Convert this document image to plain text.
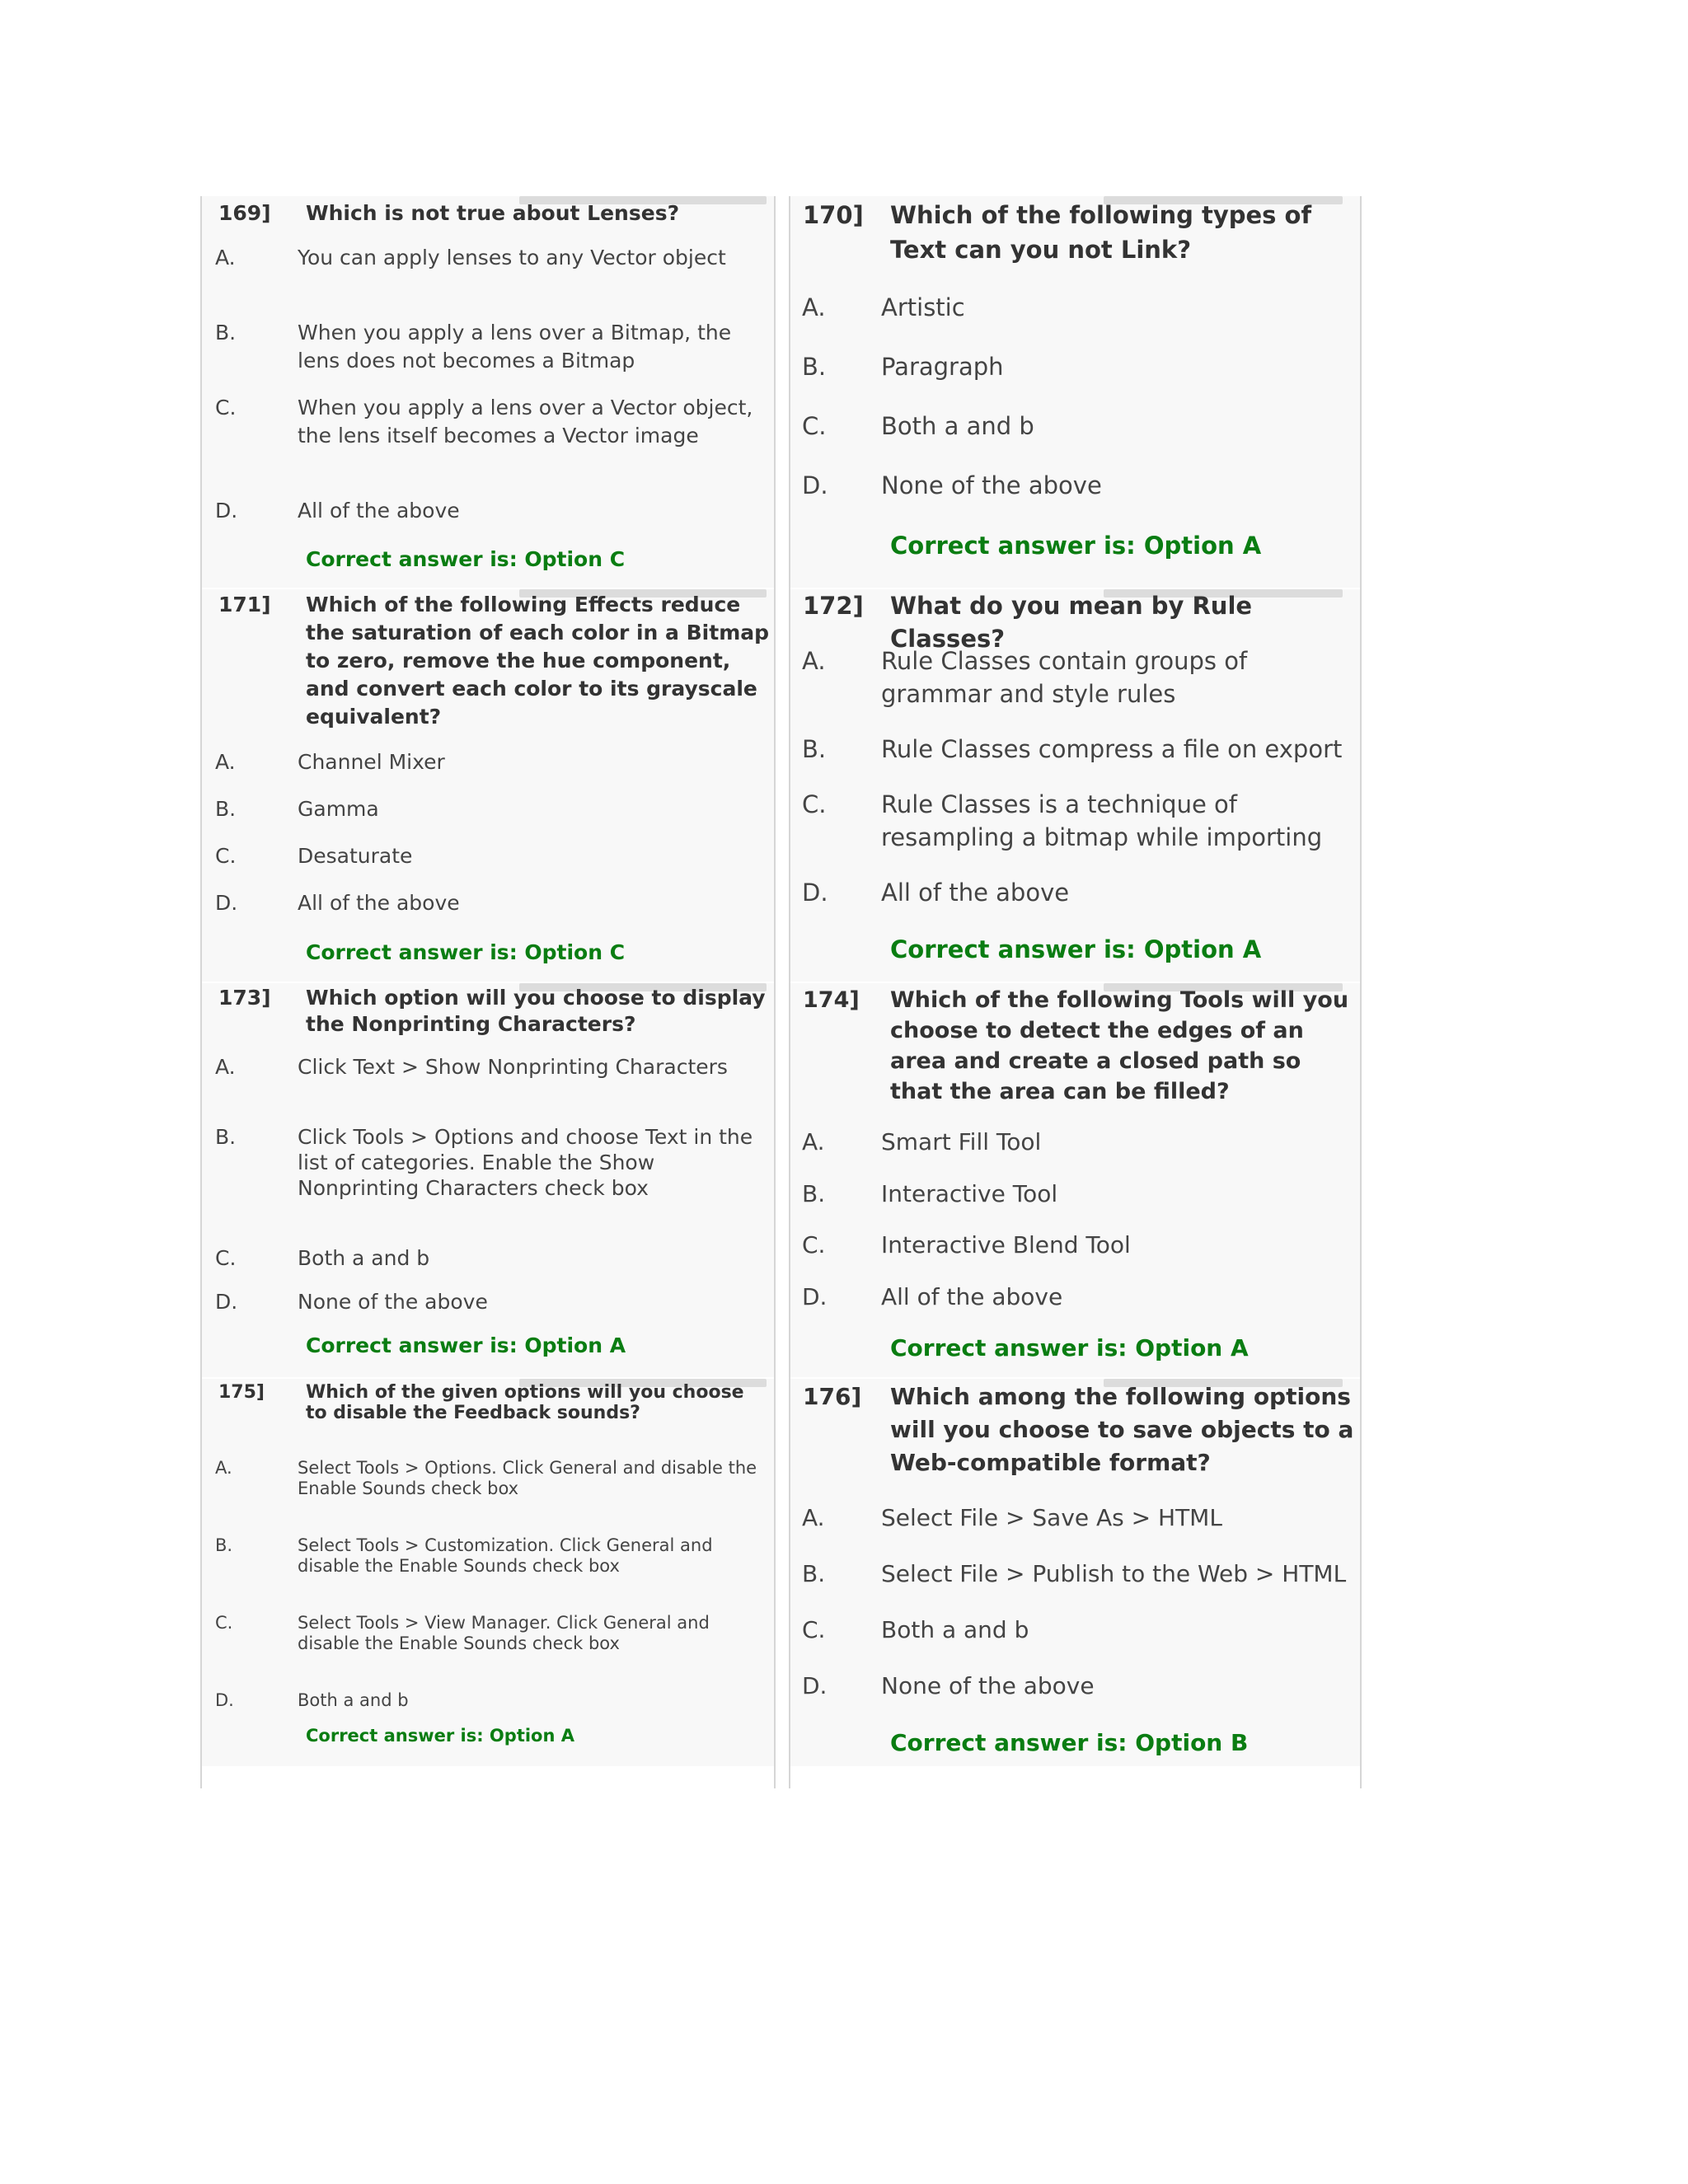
169]	Which is not true about Lenses?
A.	You can apply lenses to any Vector object
B.	When you apply a lens over a Bitmap, the lens does not becomes a Bitmap
C.	When you apply a lens over a Vector object, the lens itself becomes a Vector image
D.	All of the above
Correct answer is: Option C
170]	Which of the following types of Text can you not Link?
A.	Artistic
B.	Paragraph
C.	Both a and b
D.	None of the above
Correct answer is: Option A
171]	Which of the following Effects reduce the saturation of each color in a Bitmap to zero, remove the hue component, and convert each color to its grayscale equivalent?
A.	Channel Mixer
B.	Gamma
C.	Desaturate
D.	All of the above
Correct answer is: Option C
172]	What do you mean by Rule Classes?
A.	Rule Classes contain groups of grammar and style rules
B.	Rule Classes compress a file on export
C.	Rule Classes is a technique of resampling a bitmap while importing
D.	All of the above
Correct answer is: Option A
173]	Which option will you choose to display the Nonprinting Characters?
A.	Click Text > Show Nonprinting Characters
B.	Click Tools > Options and choose Text in the list of categories. Enable the Show Nonprinting Characters check box
C.	Both a and b
D.	None of the above
Correct answer is: Option A
174]	Which of the following Tools will you choose to detect the edges of an area and create a closed path so that the area can be filled?
A.	Smart Fill Tool
B.	Interactive Tool
C.	Interactive Blend Tool
D.	All of the above
Correct answer is: Option A
175]	Which of the given options will you choose to disable the Feedback sounds?
A.	Select Tools > Options. Click General and disable the Enable Sounds check box
B.	Select Tools > Customization. Click General and disable the Enable Sounds check box
C.	Select Tools > View Manager. Click General and disable the Enable Sounds check box
D.	Both a and b
Correct answer is: Option A
176]	Which among the following options will you choose to save objects to a Web-compatible format?
A.	Select File > Save As > HTML
B.	Select File > Publish to the Web > HTML
C.	Both a and b
D.	None of the above
Correct answer is: Option B
